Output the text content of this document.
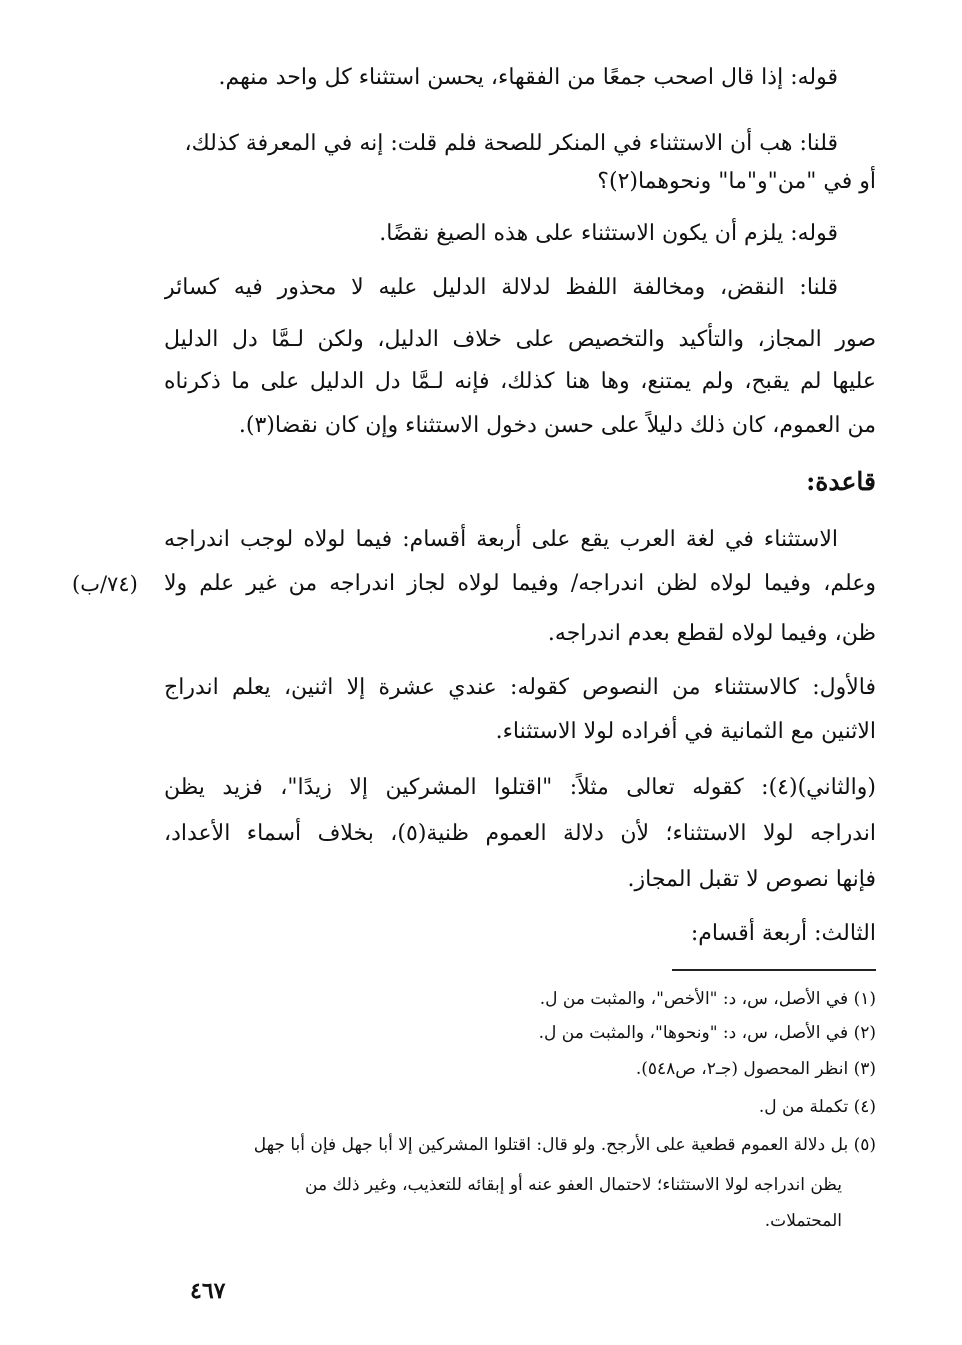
قوله: إذا قال اصحب جمعًا من الفقهاء، يحسن استثناء كل واحد منهم.
قلنا: هب أن الاستثناء في المنكر للصحة فلم قلت: إنه في المعرفة كذلك،
أو في "من"و"ما" ونحوهما(٢)؟
قوله: يلزم أن يكون الاستثناء على هذه الصيغ نقضًا.
قلنا: النقض، ومخالفة اللفظ لدلالة الدليل عليه لا محذور فيه كسائر
صور المجاز، والتأكيد والتخصيص على خلاف الدليل، ولكن لـمَّا دل الدليل
عليها لم يقبح، ولم يمتنع، وها هنا كذلك، فإنه لـمَّا دل الدليل على ما ذكرناه
من العموم، كان ذلك دليلاً على حسن دخول الاستثناء وإن كان نقضا(٣).
قاعدة:
الاستثناء في لغة العرب يقع على أربعة أقسام: فيما لولاه لوجب اندراجه
وعلم، وفيما لولاه لظن اندراجه/ وفيما لولاه لجاز اندراجه من غير علم ولا
(٧٤/ب)
ظن، وفيما لولاه لقطع بعدم اندراجه.
فالأول: كالاستثناء من النصوص كقوله: عندي عشرة إلا اثنين، يعلم اندراج
الاثنين مع الثمانية في أفراده لولا الاستثناء.
(والثاني)(٤): كقوله تعالى مثلاً: "اقتلوا المشركين إلا زيدًا"، فزيد يظن
اندراجه لولا الاستثناء؛ لأن دلالة العموم ظنية(٥)، بخلاف أسماء الأعداد،
فإنها نصوص لا تقبل المجاز.
الثالث: أربعة أقسام:
(١) في الأصل، س، د: "الأخص"، والمثبت من ل.
(٢) في الأصل، س، د: "ونحوها"، والمثبت من ل.
(٣) انظر المحصول (جـ٢، ص٥٤٨).
(٤) تكملة من ل.
(٥) بل دلالة العموم قطعية على الأرجح. ولو قال: اقتلوا المشركين إلا أبا جهل فإن أبا جهل
يظن اندراجه لولا الاستثناء؛ لاحتمال العفو عنه أو إبقائه للتعذيب، وغير ذلك من
المحتملات.
٤٦٧
